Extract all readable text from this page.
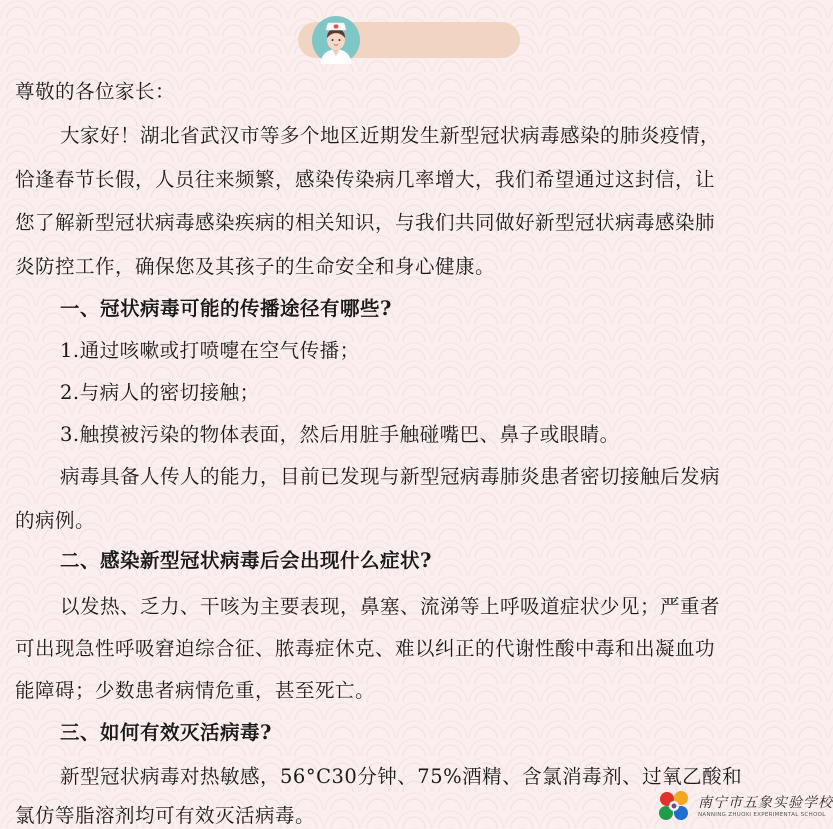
尊敬的各位家长：
大家好！湖北省武汉市等多个地区近期发生新型冠状病毒感染的肺炎疫情，
恰逢春节长假，人员往来频繁，感染传染病几率增大，我们希望通过这封信，让
您了解新型冠状病毒感染疾病的相关知识，与我们共同做好新型冠状病毒感染肺
炎防控工作，确保您及其孩子的生命安全和身心健康。
一、冠状病毒可能的传播途径有哪些?
1.通过咳嗽或打喷嚏在空气传播；
2.与病人的密切接触；
3.触摸被污染的物体表面，然后用脏手触碰嘴巴、鼻子或眼睛。
病毒具备人传人的能力，目前已发现与新型冠病毒肺炎患者密切接触后发病
的病例。
二、感染新型冠状病毒后会出现什么症状?
以发热、乏力、干咳为主要表现，鼻塞、流涕等上呼吸道症状少见；严重者
可出现急性呼吸窘迫综合征、脓毒症休克、难以纠正的代谢性酸中毒和出凝血功
能障碍；少数患者病情危重，甚至死亡。
三、如何有效灭活病毒?
新型冠状病毒对热敏感，56°C30分钟、75%酒精、含氯消毒剂、过氧乙酸和
氯仿等脂溶剂均可有效灭活病毒。
南宁市五象实验学校
NANNING ZHUOXI EXPERIMENTAL SCHOOL
